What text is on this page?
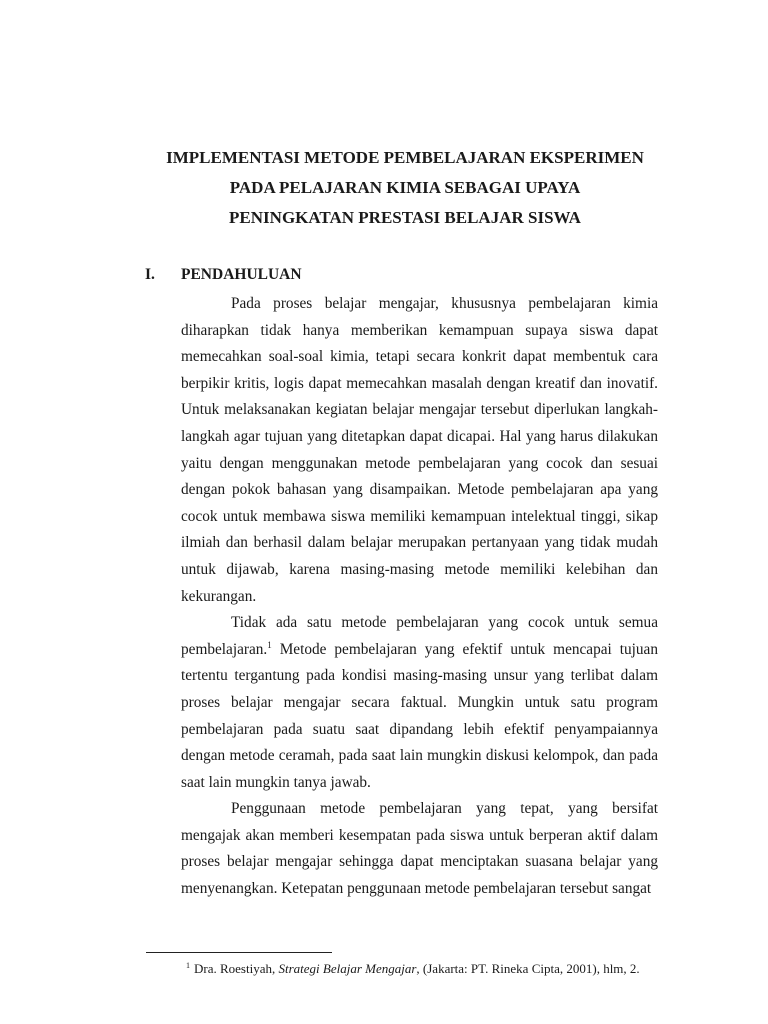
IMPLEMENTASI METODE PEMBELAJARAN EKSPERIMEN
PADA PELAJARAN KIMIA SEBAGAI UPAYA
PENINGKATAN PRESTASI BELAJAR SISWA
I. PENDAHULUAN

Pada proses belajar mengajar, khususnya pembelajaran kimia diharapkan tidak hanya memberikan kemampuan supaya siswa dapat memecahkan soal-soal kimia, tetapi secara konkrit dapat membentuk cara berpikir kritis, logis dapat memecahkan masalah dengan kreatif dan inovatif. Untuk melaksanakan kegiatan belajar mengajar tersebut diperlukan langkah-langkah agar tujuan yang ditetapkan dapat dicapai. Hal yang harus dilakukan yaitu dengan menggunakan metode pembelajaran yang cocok dan sesuai dengan pokok bahasan yang disampaikan. Metode pembelajaran apa yang cocok untuk membawa siswa memiliki kemampuan intelektual tinggi, sikap ilmiah dan berhasil dalam belajar merupakan pertanyaan yang tidak mudah untuk dijawab, karena masing-masing metode memiliki kelebihan dan kekurangan.

Tidak ada satu metode pembelajaran yang cocok untuk semua pembelajaran.$^1$ Metode pembelajaran yang efektif untuk mencapai tujuan tertentu tergantung pada kondisi masing-masing unsur yang terlibat dalam proses belajar mengajar secara faktual. Mungkin untuk satu program pembelajaran pada suatu saat dipandang lebih efektif penyampaiannya dengan metode ceramah, pada saat lain mungkin diskusi kelompok, dan pada saat lain mungkin tanya jawab.

Penggunaan metode pembelajaran yang tepat, yang bersifat mengajak akan memberi kesempatan pada siswa untuk berperan aktif dalam proses belajar mengajar sehingga dapat menciptakan suasana belajar yang menyenangkan. Ketepatan penggunaan metode pembelajaran tersebut sangat

$^1$ Dra. Roestiyah, Strategi Belajar Mengajar, (Jakarta: PT. Rineka Cipta, 2001), hlm, 2.
